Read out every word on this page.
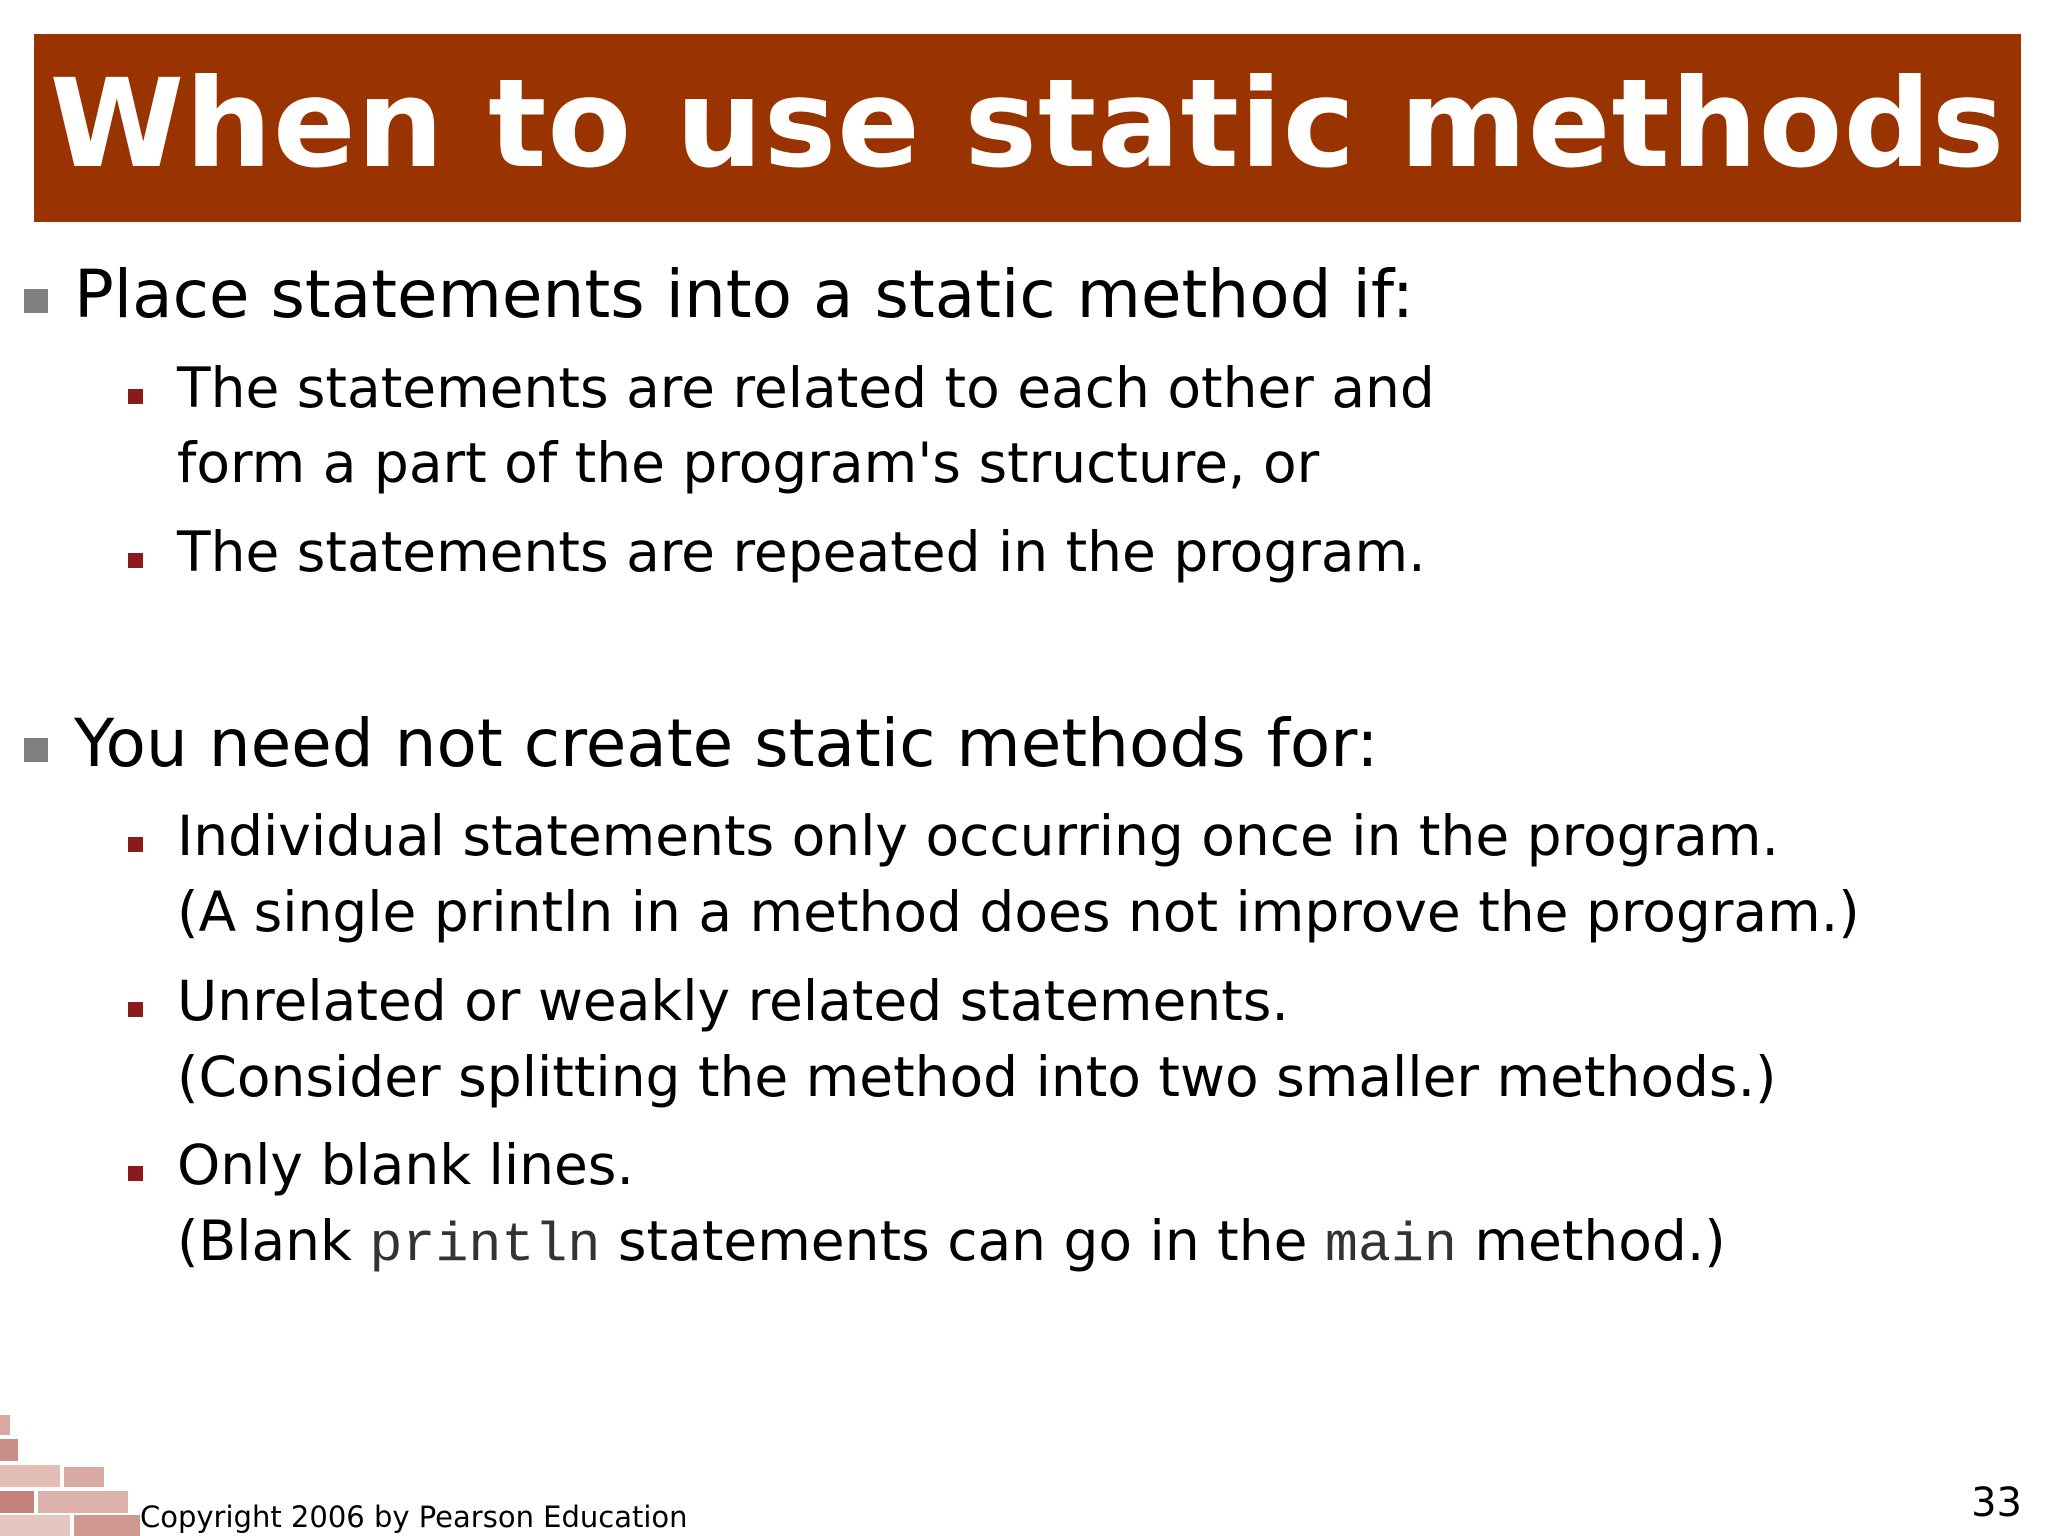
When to use static methods
Place statements into a static method if:
The statements are related to each other and
form a part of the program's structure, or
The statements are repeated in the program.
You need not create static methods for:
Individual statements only occurring once in the program.
(A single println in a method does not improve the program.)
Unrelated or weakly related statements.
(Consider splitting the method into two smaller methods.)
Only blank lines.
(Blank println statements can go in the main method.)
Copyright 2006 by Pearson Education	33
